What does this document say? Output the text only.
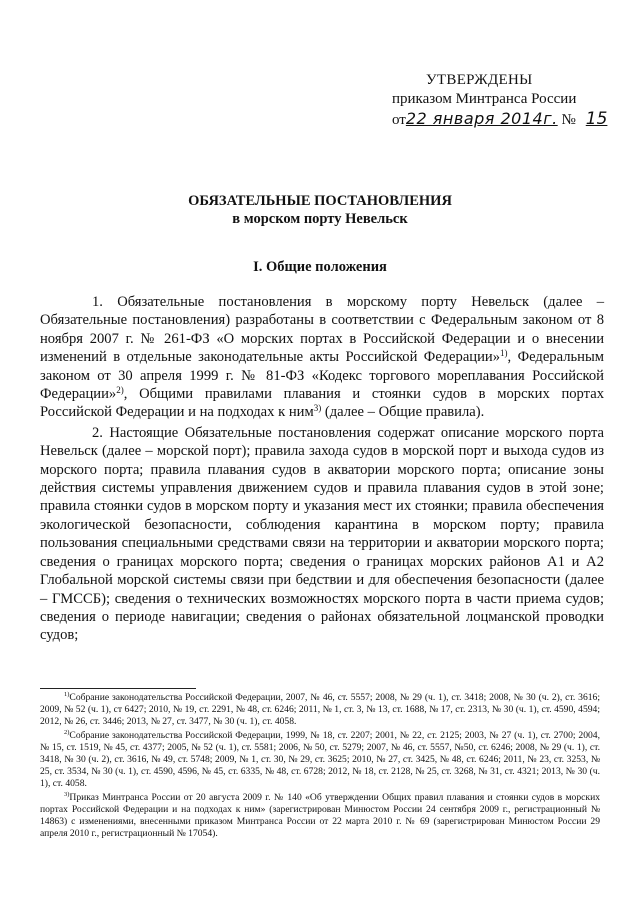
УТВЕРЖДЕНЫ
приказом Минтранса России
от22 января 2014г. № 15
ОБЯЗАТЕЛЬНЫЕ ПОСТАНОВЛЕНИЯ
в морском порту Невельск
I. Общие положения

1. Обязательные постановления в морскому порту Невельск (далее – Обязательные постановления) разработаны в соответствии с Федеральным законом от 8 ноября 2007 г. № 261-ФЗ «О морских портах в Российской Федерации и о внесении изменений в отдельные законодательные акты Российской Федерации»$^{1)}$, Федеральным законом от 30 апреля 1999 г. № 81-ФЗ «Кодекс торгового мореплавания Российской Федерации»$^{2)}$, Общими правилами плавания и стоянки судов в морских портах Российской Федерации и на подходах к ним$^{3)}$ (далее – Общие правила).

2. Настоящие Обязательные постановления содержат описание морского порта Невельск (далее – морской порт); правила захода судов в морской порт и выхода судов из морского порта; правила плавания судов в акватории морского порта; описание зоны действия системы управления движением судов и правила плавания судов в этой зоне; правила стоянки судов в морском порту и указания мест их стоянки; правила обеспечения экологической безопасности, соблюдения карантина в морском порту; правила пользования специальными средствами связи на территории и акватории морского порта; сведения о границах морского порта; сведения о границах морских районов А1 и А2 Глобальной морской системы связи при бедствии и для обеспечения безопасности (далее – ГМССБ); сведения о технических возможностях морского порта в части приема судов; сведения о периоде навигации; сведения о районах обязательной лоцманской проводки судов;

$^{1)}$Собрание законодательства Российской Федерации, 2007, № 46, ст. 5557; 2008, № 29 (ч. 1), ст. 3418; 2008, № 30 (ч. 2), ст. 3616; 2009, № 52 (ч. 1), ст 6427; 2010, № 19, ст. 2291, № 48, ст. 6246; 2011, № 1, ст. 3, № 13, ст. 1688, № 17, ст. 2313, № 30 (ч. 1), ст. 4590, 4594; 2012, № 26, ст. 3446; 2013, № 27, ст. 3477, № 30 (ч. 1), ст. 4058.

$^{2)}$Собрание законодательства Российской Федерации, 1999, № 18, ст. 2207; 2001, № 22, ст. 2125; 2003, № 27 (ч. 1), ст. 2700; 2004, № 15, ст. 1519, № 45, ст. 4377; 2005, № 52 (ч. 1), ст. 5581; 2006, № 50, ст. 5279; 2007, № 46, ст. 5557, №50, ст. 6246; 2008, № 29 (ч. 1), ст. 3418, № 30 (ч. 2), ст. 3616, № 49, ст. 5748; 2009, № 1, ст. 30, № 29, ст. 3625; 2010, № 27, ст. 3425, № 48, ст. 6246; 2011, № 23, ст. 3253, № 25, ст. 3534, № 30 (ч. 1), ст. 4590, 4596, № 45, ст. 6335, № 48, ст. 6728; 2012, № 18, ст. 2128, № 25, ст. 3268, № 31, ст. 4321; 2013, № 30 (ч. 1), ст. 4058.

$^{3)}$Приказ Минтранса России от 20 августа 2009 г. № 140 «Об утверждении Общих правил плавания и стоянки судов в морских портах Российской Федерации и на подходах к ним» (зарегистрирован Минюстом России 24 сентября 2009 г., регистрационный № 14863) с изменениями, внесенными приказом Минтранса России от 22 марта 2010 г. № 69 (зарегистрирован Минюстом России 29 апреля 2010 г., регистрационный № 17054).
